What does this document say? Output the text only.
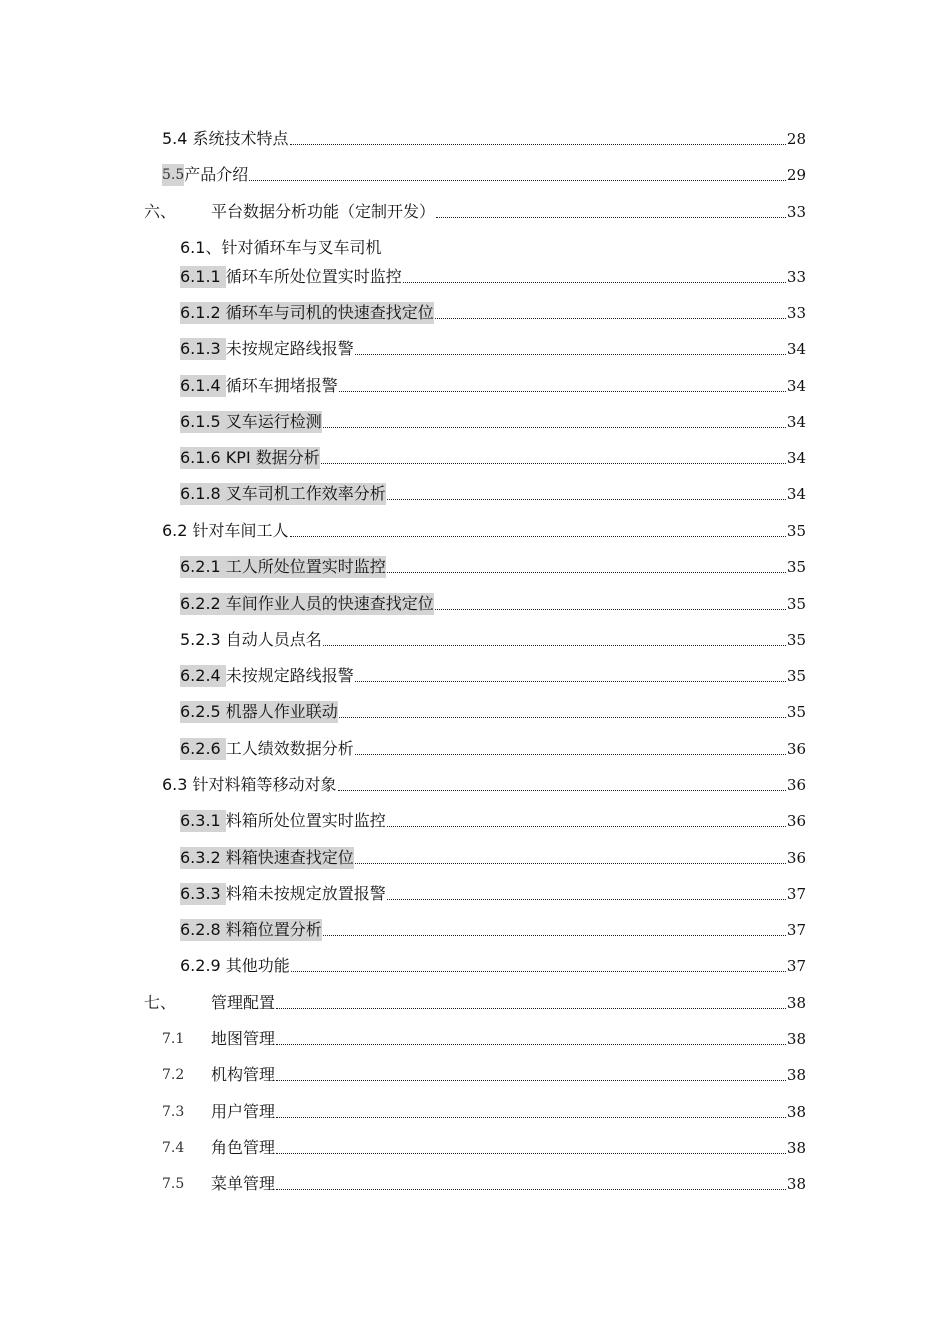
5.4 系统技术特点	28
5.5 产品介绍	29
六、 平台数据分析功能（定制开发）	33
6.1、 针对循环车与叉车司机
6.1.1 循环车所处位置实时监控	33
6.1.2 循环车与司机的快速查找定位	33
6.1.3 未按规定路线报警	34
6.1.4 循环车拥堵报警	34
6.1.5 叉车运行检测	34
6.1.6 KPI 数据分析	34
6.1.8 叉车司机工作效率分析	34
6.2 针对车间工人	35
6.2.1 工人所处位置实时监控	35
6.2.2 车间作业人员的快速查找定位	35
5.2.3 自动人员点名	35
6.2.4 未按规定路线报警	35
6.2.5 机器人作业联动	35
6.2.6 工人绩效数据分析	36
6.3 针对料箱等移动对象	36
6.3.1 料箱所处位置实时监控	36
6.3.2 料箱快速查找定位	36
6.3.3 料箱未按规定放置报警	37
6.2.8 料箱位置分析	37
6.2.9 其他功能	37
七、 管理配置	38
7.1 地图管理	38
7.2 机构管理	38
7.3 用户管理	38
7.4 角色管理	38
7.5 菜单管理	38
